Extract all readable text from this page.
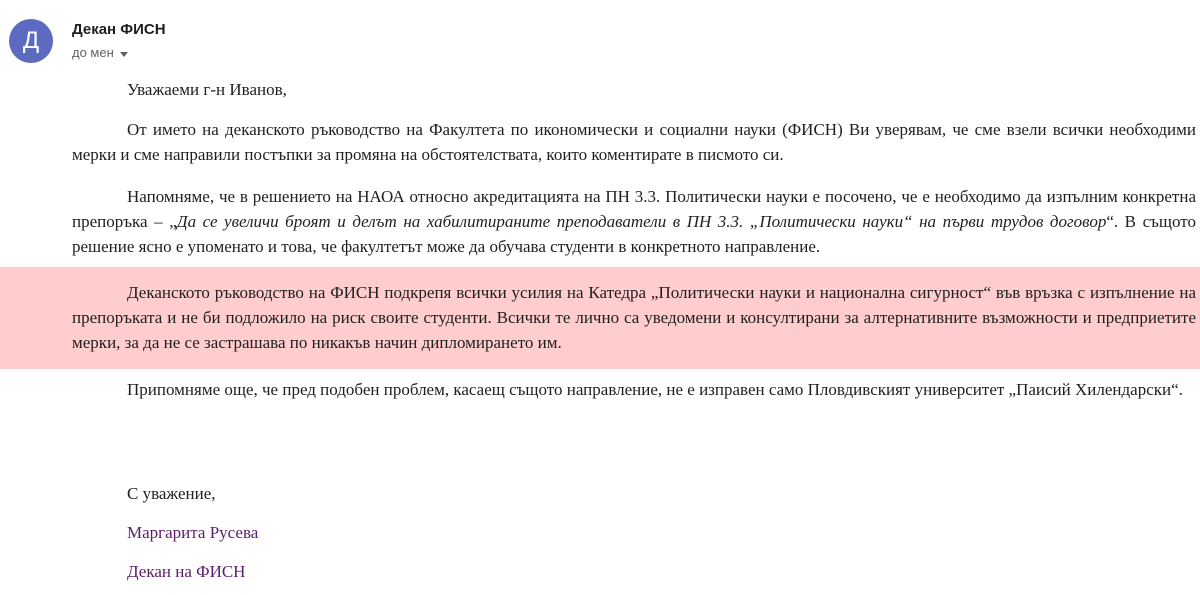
Д	Декан ФИСН
до мен
Уважаеми г-н Иванов,

От името на деканското ръководство на Факултета по икономически и социални науки (ФИСН) Ви уверявам, че сме взели всички необходими мерки и сме направили постъпки за промяна на обстоятелствата, които коментирате в писмото си.

Напомняме, че в решението на НАОА относно акредитацията на ПН 3.3. Политически науки е посочено, че е необходимо да изпълним конкретна препоръка – „Да се увеличи броят и делът на хабилитираните преподаватели в ПН 3.3. „Политически науки“ на първи трудов договор“. В същото решение ясно е упоменато и това, че факултетът може да обучава студенти в конкретното направление.

Деканското ръководство на ФИСН подкрепя всички усилия на Катедра „Политически науки и национална сигурност“ във връзка с изпълнение на препоръката и не би подложило на риск своите студенти. Всички те лично са уведомени и консултирани за алтернативните възможности и предприетите мерки, за да не се застрашава по никакъв начин дипломирането им.

Припомняме още, че пред подобен проблем, касаещ същото направление, не е изправен само Пловдивският университет „Паисий Хилендарски“.

С уважение,
Маргарита Русева
Декан на ФИСН
